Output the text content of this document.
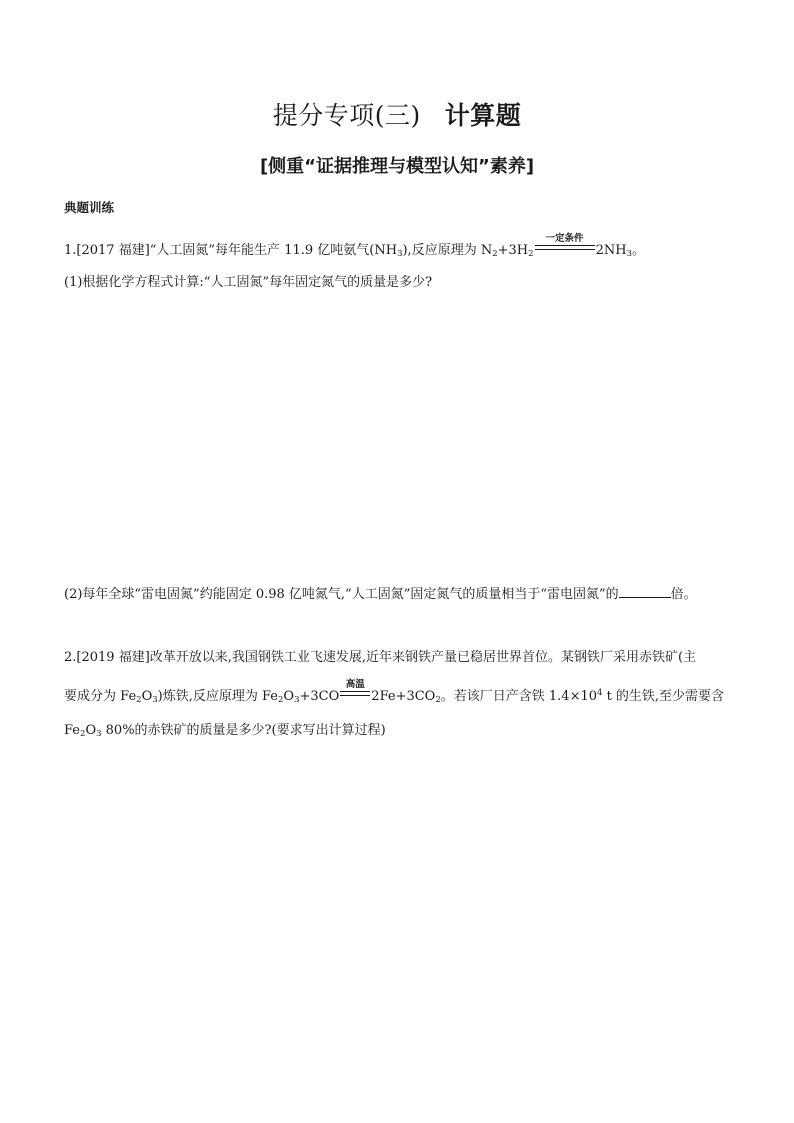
提分专项(三) 计算题
[侧重“证据推理与模型认知”素养]
典题训练
1.[2017 福建]“人工固氮”每年能生产 11.9 亿吨氨气$(NH_3)$,反应原理为 $N_2+3H_2$
一定条件
$2NH_3$。
(1)根据化学方程式计算:“人工固氮”每年固定氮气的质量是多少?
(2)每年全球“雷电固氮”约能固定 0.98 亿吨氮气,“人工固氮”固定氮气的质量相当于“雷电固氮”的	倍。
2.[2019 福建]改革开放以来,我国钢铁工业飞速发展,近年来钢铁产量已稳居世界首位。某钢铁厂采用赤铁矿(主
要成分为 $Fe_2O_3$)炼铁,反应原理为 $Fe_2O_3+3CO$
高温
$2Fe+3CO_2$。若该厂日产含铁 $1.4\times 10^4$ t 的生铁,至少需要含
$Fe_2O_3$ 80%的赤铁矿的质量是多少?(要求写出计算过程)
